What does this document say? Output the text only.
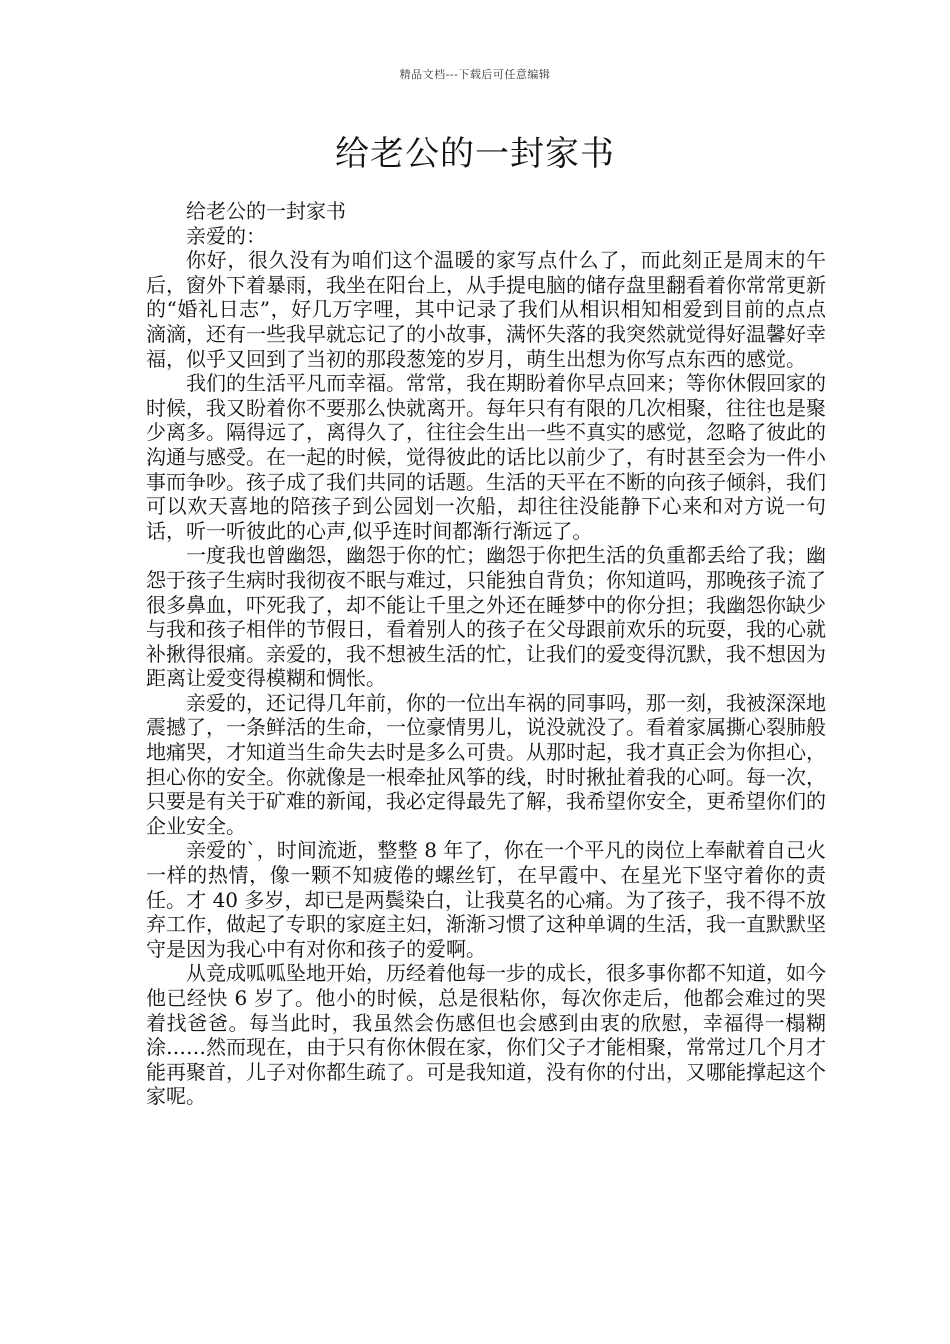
精品文档---下载后可任意编辑
给老公的一封家书

给老公的一封家书

亲爱的：

你好，很久没有为咱们这个温暖的家写点什么了，而此刻正是周末的午后，窗外下着暴雨，我坐在阳台上，从手提电脑的储存盘里翻看着你常常更新的“婚礼日志”，好几万字哩，其中记录了我们从相识相知相爱到目前的点点滴滴，还有一些我早就忘记了的小故事，满怀失落的我突然就觉得好温馨好幸福，似乎又回到了当初的那段葱笼的岁月，萌生出想为你写点东西的感觉。

我们的生活平凡而幸福。常常，我在期盼着你早点回来；等你休假回家的时候，我又盼着你不要那么快就离开。每年只有有限的几次相聚，往往也是聚少离多。隔得远了，离得久了，往往会生出一些不真实的感觉，忽略了彼此的沟通与感受。在一起的时候，觉得彼此的话比以前少了，有时甚至会为一件小事而争吵。孩子成了我们共同的话题。生活的天平在不断的向孩子倾斜，我们可以欢天喜地的陪孩子到公园划一次船，却往往没能静下心来和对方说一句话，听一听彼此的心声,似乎连时间都渐行渐远了。

一度我也曾幽怨，幽怨于你的忙；幽怨于你把生活的负重都丢给了我；幽怨于孩子生病时我彻夜不眠与难过，只能独自背负；你知道吗，那晚孩子流了很多鼻血，吓死我了，却不能让千里之外还在睡梦中的你分担；我幽怨你缺少与我和孩子相伴的节假日，看着别人的孩子在父母跟前欢乐的玩耍，我的心就补揪得很痛。亲爱的，我不想被生活的忙，让我们的爱变得沉默，我不想因为距离让爱变得模糊和惆怅。

亲爱的，还记得几年前，你的一位出车祸的同事吗，那一刻，我被深深地震撼了，一条鲜活的生命，一位豪情男儿，说没就没了。看着家属撕心裂肺般地痛哭，才知道当生命失去时是多么可贵。从那时起，我才真正会为你担心，担心你的安全。你就像是一根牵扯风筝的线，时时揪扯着我的心呵。每一次，只要是有关于矿难的新闻，我必定得最先了解，我希望你安全，更希望你们的企业安全。

亲爱的`，时间流逝，整整 8 年了，你在一个平凡的岗位上奉献着自己火一样的热情，像一颗不知疲倦的螺丝钉，在早霞中、在星光下坚守着你的责任。才 40 多岁，却已是两鬓染白，让我莫名的心痛。为了孩子，我不得不放弃工作，做起了专职的家庭主妇，渐渐习惯了这种单调的生活，我一直默默坚守是因为我心中有对你和孩子的爱啊。

从竞成呱呱坠地开始，历经着他每一步的成长，很多事你都不知道，如今他已经快 6 岁了。他小的时候，总是很粘你，每次你走后，他都会难过的哭着找爸爸。每当此时，我虽然会伤感但也会感到由衷的欣慰，幸福得一榻糊涂……然而现在，由于只有你休假在家，你们父子才能相聚，常常过几个月才能再聚首，儿子对你都生疏了。可是我知道，没有你的付出，又哪能撑起这个家呢。
